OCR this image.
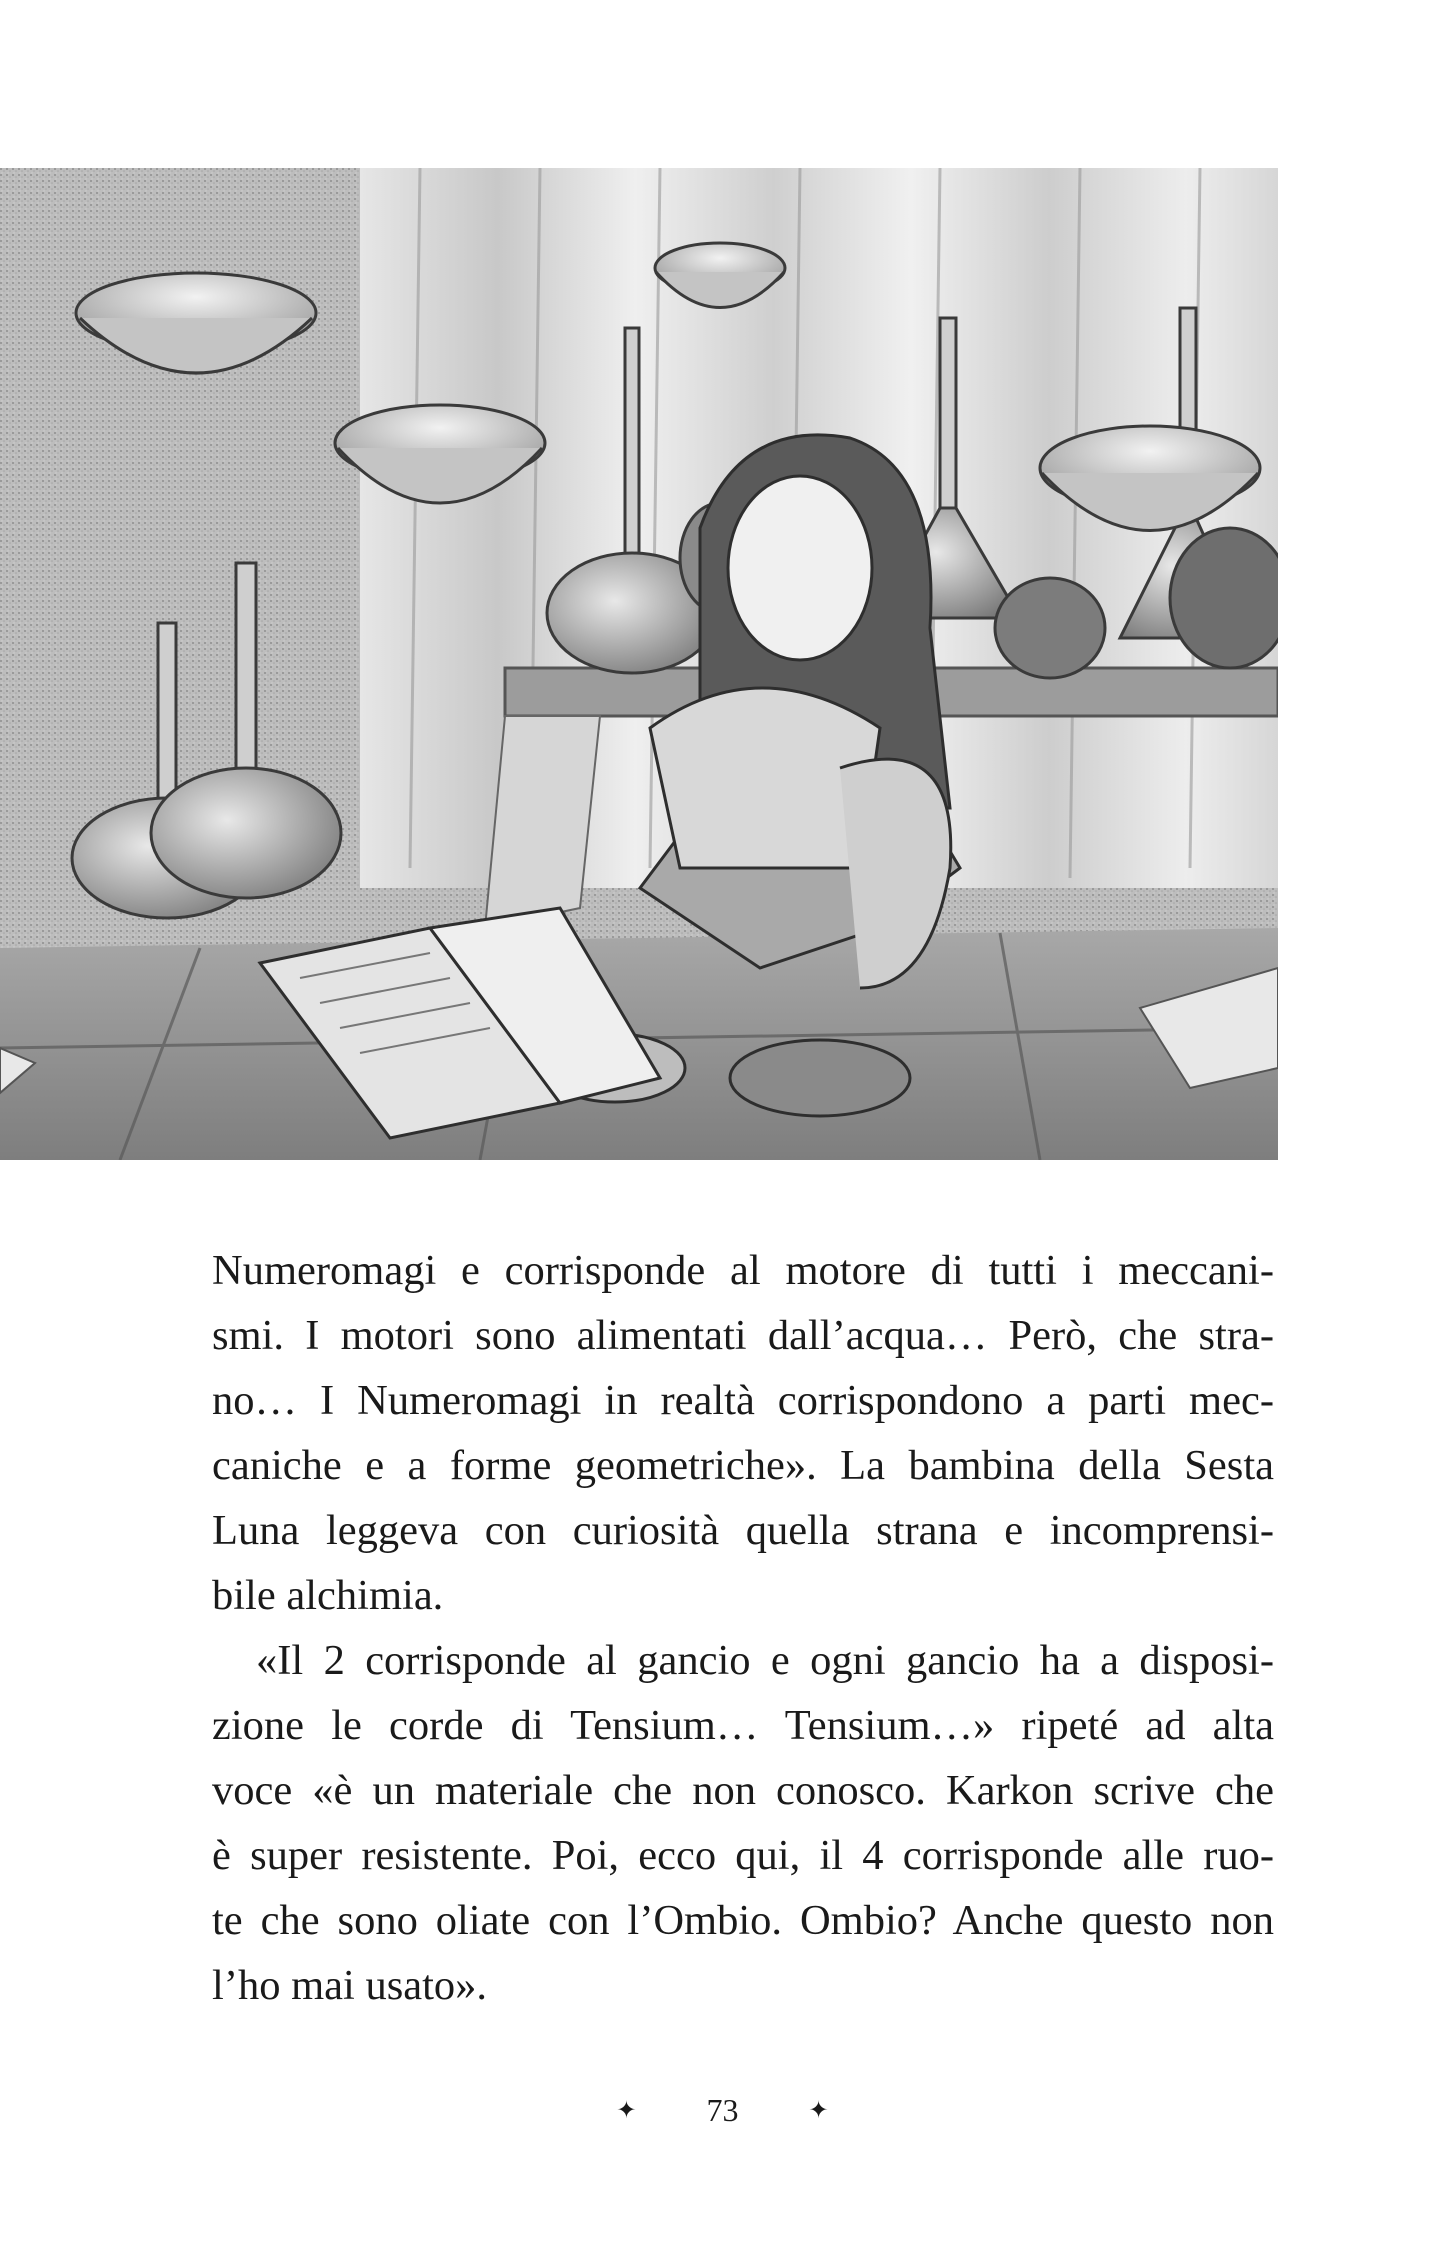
Numeromagi e corrisponde al motore di tutti i meccani-
smi. I motori sono alimentati dall’acqua… Però, che stra-
no… I Numeromagi in realtà corrispondono a parti mec-
caniche e a forme geometriche». La bambina della Sesta
Luna leggeva con curiosità quella strana e incomprensi-
bile alchimia.

«Il 2 corrisponde al gancio e ogni gancio ha a disposi-
zione le corde di Tensium… Tensium…» ripeté ad alta
voce «è un materiale che non conosco. Karkon scrive che
è super resistente. Poi, ecco qui, il 4 corrisponde alle ruo-
te che sono oliate con l’Ombio. Ombio? Anche questo non
l’ho mai usato».

✦ 73	✦
